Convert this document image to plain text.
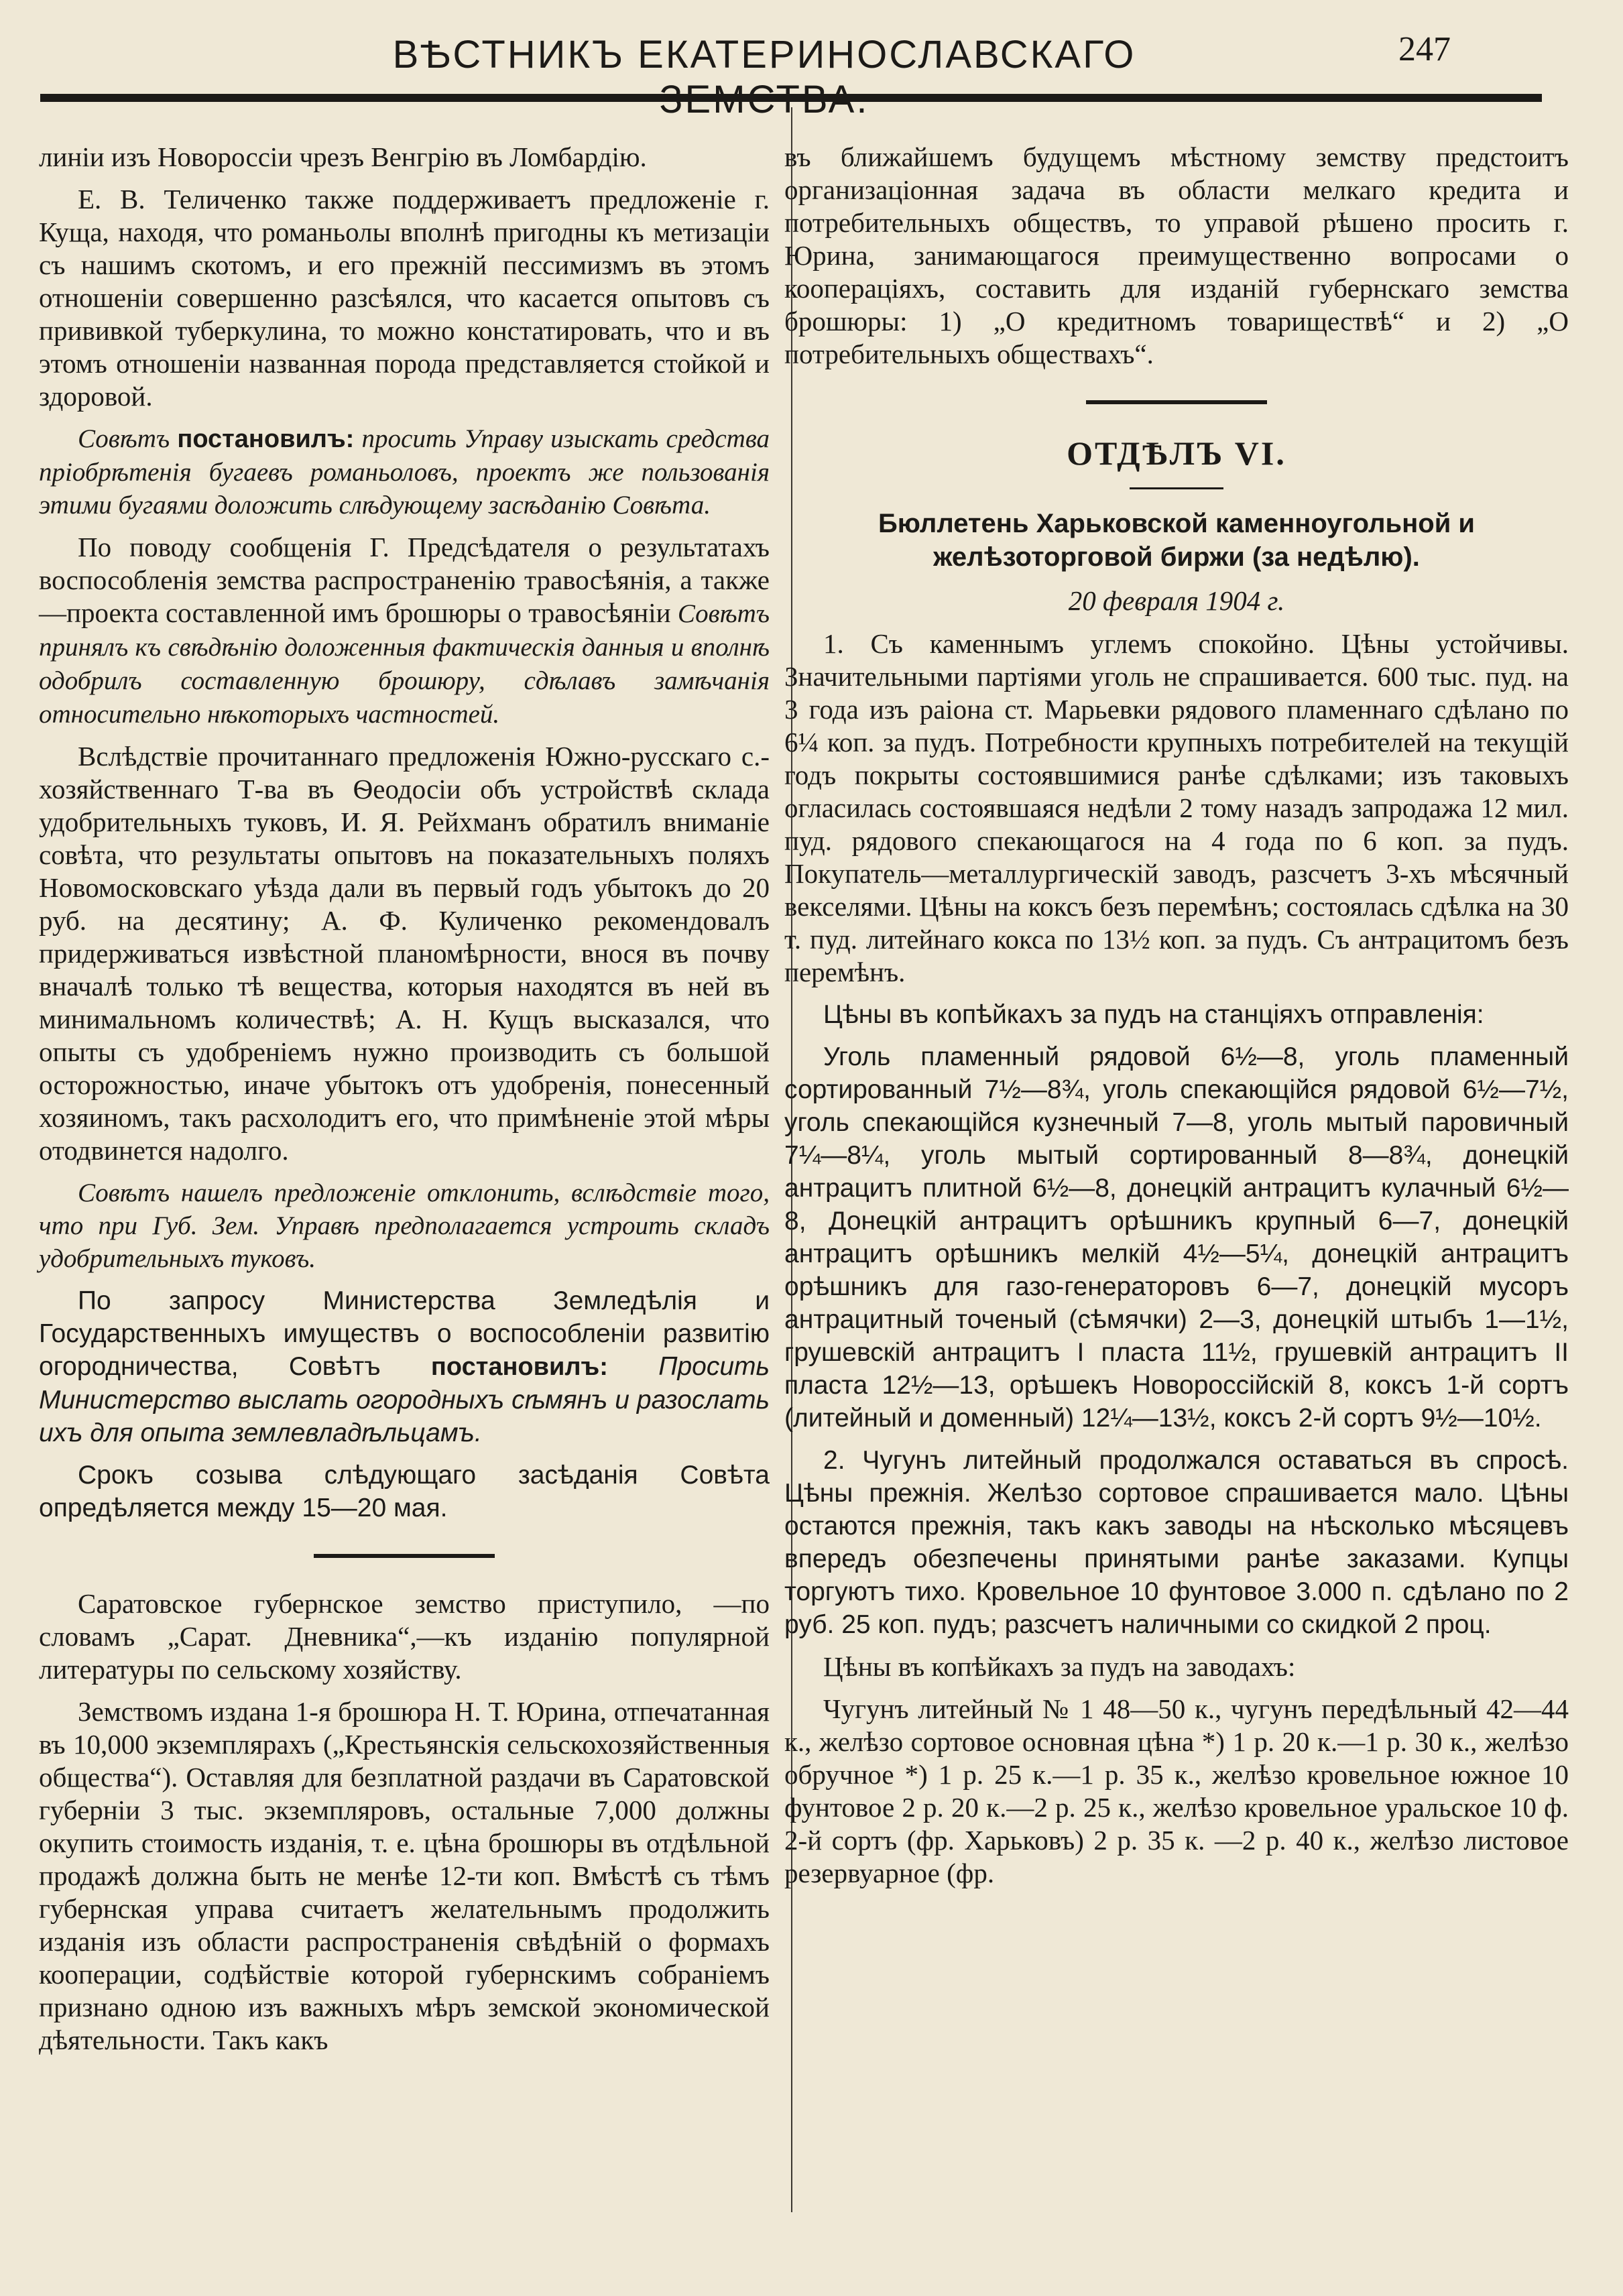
ВѢСТНИКЪ ЕКАТЕРИНОСЛАВСКАГО	247

линіи изъ Новороссіи чрезъ Венгрію въ Ломбардію.

Е. В. Теличенко также поддерживаетъ предложеніе г. Куща, находя, что романьолы вполнѣ пригодны къ метизаціи съ нашимъ скотомъ, и его прежній пессимизмъ въ этомъ отношеніи совершенно разсѣялся, что касается опытовъ съ прививкой туберкулина, то можно констатировать, что и въ этомъ отношеніи названная порода представляется стойкой и здоровой.

Совѣтъ постановилъ: просить Управу изыскать средства пріобрѣтенія бугаевъ романьоловъ, проектъ же пользованія этими бугаями доложить слѣдующему засѣданію Совѣта.

По поводу сообщенія Г. Предсѣдателя о результатахъ воспособленія земства распространенію травосѣянія, а также—проекта составленной имъ брошюры о травосѣяніи Совѣтъ принялъ къ свѣдѣнію доложенныя фактическія данныя и вполнѣ одобрилъ составленную брошюру, сдѣлавъ замѣчанія относительно нѣкоторыхъ частностей.

Вслѣдствіе прочитаннаго предложенія Южно-русскаго с.-хозяйственнаго Т-ва въ Ѳеодосіи объ устройствѣ склада удобрительныхъ туковъ, И. Я. Рейхманъ обратилъ вниманіе совѣта, что результаты опытовъ на показательныхъ поляхъ Новомосковскаго уѣзда дали въ первый годъ убытокъ до 20 руб. на десятину; А. Ф. Куличенко рекомендовалъ придерживаться извѣстной планомѣрности, внося въ почву вначалѣ только тѣ вещества, которыя находятся въ ней въ минимальномъ количествѣ; А. Н. Кущъ высказался, что опыты съ удобреніемъ нужно производить съ большой осторожностью, иначе убытокъ отъ удобренія, понесенный хозяиномъ, такъ расхолодитъ его, что примѣненіе этой мѣры отодвинется надолго.

Совѣтъ нашелъ предложеніе отклонить, вслѣдствіе того, что при Губ. Зем. Управѣ предполагается устроить складъ удобрительныхъ туковъ.

По запросу Министерства Земледѣлія и Государственныхъ имуществъ о воспособленіи развитію огородничества, Совѣтъ постановилъ: Просить Министерство выслать огородныхъ сѣмянъ и разослать ихъ для опыта землевладѣльцамъ.

Срокъ созыва слѣдующаго засѣданія Совѣта опредѣляется между 15—20 мая.

Саратовское губернское земство приступило, —по словамъ „Сарат. Дневника“,—къ изданію популярной литературы по сельскому хозяйству.

Земствомъ издана 1-я брошюра Н. Т. Юрина, отпечатанная въ 10,000 экземплярахъ („Крестьянскія сельскохозяйственныя общества“). Оставляя для безплатной раздачи въ Саратовской губерніи 3 тыс. экземпляровъ, остальные 7,000 должны окупить стоимость изданія, т. е. цѣна брошюры въ отдѣльной продажѣ должна быть не менѣе 12-ти коп. Вмѣстѣ съ тѣмъ губернская управа считаетъ желательнымъ продолжить изданія изъ области распространенія свѣдѣній о формахъ кооперации, содѣйствіе которой губернскимъ собраніемъ признано одною изъ важныхъ мѣръ земской экономической дѣятельности. Такъ какъ

въ ближайшемъ будущемъ мѣстному земству предстоитъ организаціонная задача въ области мелкаго кредита и потребительныхъ обществъ, то управой рѣшено просить г. Юрина, занимающагося преимущественно вопросами о кооперацiяхъ, составить для изданій губернскаго земства брошюры: 1) „О кредитномъ товариществѣ“ и 2) „О потребительныхъ обществахъ“.

ОТДѢЛЪ VI.
Бюллетень Харьковской каменноугольной и желѣзоторговой биржи (за недѣлю).
20 февраля 1904 г.

1. Съ каменнымъ углемъ спокойно. Цѣны устойчивы. Значительными партіями уголь не спрашивается. 600 тыс. пуд. на 3 года изъ раіона ст. Марьевки рядового пламеннаго сдѣлано по 6¼ коп. за пудъ. Потребности крупныхъ потребителей на текущій годъ покрыты состоявшимися ранѣе сдѣлками; изъ таковыхъ огласилась состоявшаяся недѣли 2 тому назадъ запродажа 12 мил. пуд. рядового спекающагося на 4 года по 6 коп. за пудъ. Покупатель—металлургическій заводъ, разсчетъ 3-хъ мѣсячный векселями. Цѣны на коксъ безъ перемѣнъ; состоялась сдѣлка на 30 т. пуд. литейнаго кокса по 13½ коп. за пудъ. Съ антрацитомъ безъ перемѣнъ.

Цѣны въ копѣйкахъ за пудъ на станціяхъ отправленія:

Уголь пламенный рядовой 6½—8, уголь пламенный сортированный 7½—8¾, уголь спекающійся рядовой 6½—7½, уголь спекающійся кузнечный 7—8, уголь мытый паровичный 7¼—8¼, уголь мытый сортированный 8—8¾, донецкій антрацитъ плитной 6½—8, донецкій антрацитъ кулачный 6½—8, Донецкій антрацитъ орѣшникъ крупный 6—7, донецкій антрацитъ орѣшникъ мелкій 4½—5¼, донецкій антрацитъ орѣшникъ для газо-генераторовъ 6—7, донецкій мусоръ антрацитный точеный (сѣмячки) 2—3, донецкій штыбъ 1—1½, грушевскій антрацитъ I пласта 11½, грушевкій антрацитъ II пласта 12½—13, орѣшекъ Новороссійскій 8, коксъ 1-й сортъ (литейный и доменный) 12¼—13½, коксъ 2-й сортъ 9½—10½.

2. Чугунъ литейный продолжался оставаться въ спросѣ. Цѣны прежнія. Желѣзо сортовое спрашивается мало. Цѣны остаются прежнія, такъ какъ заводы на нѣсколько мѣсяцевъ впередъ обезпечены принятыми ранѣе заказами. Купцы торгуютъ тихо. Кровельное 10 фунтовое 3.000 п. сдѣлано по 2 руб. 25 коп. пудъ; разсчетъ наличными со скидкой 2 проц.

Цѣны въ копѣйкахъ за пудъ на заводахъ:

Чугунъ литейный № 1 48—50 к., чугунъ передѣльный 42—44 к., желѣзо сортовое основная цѣна *) 1 р. 20 к.—1 р. 30 к., желѣзо обручное *) 1 р. 25 к.—1 р. 35 к., желѣзо кровельное южное 10 фунтовое 2 р. 20 к.—2 р. 25 к., желѣзо кровельное уральское 10 ф. 2-й сортъ (фр. Харьковъ) 2 р. 35 к. —2 р. 40 к., желѣзо листовое резервуарное (фр.
